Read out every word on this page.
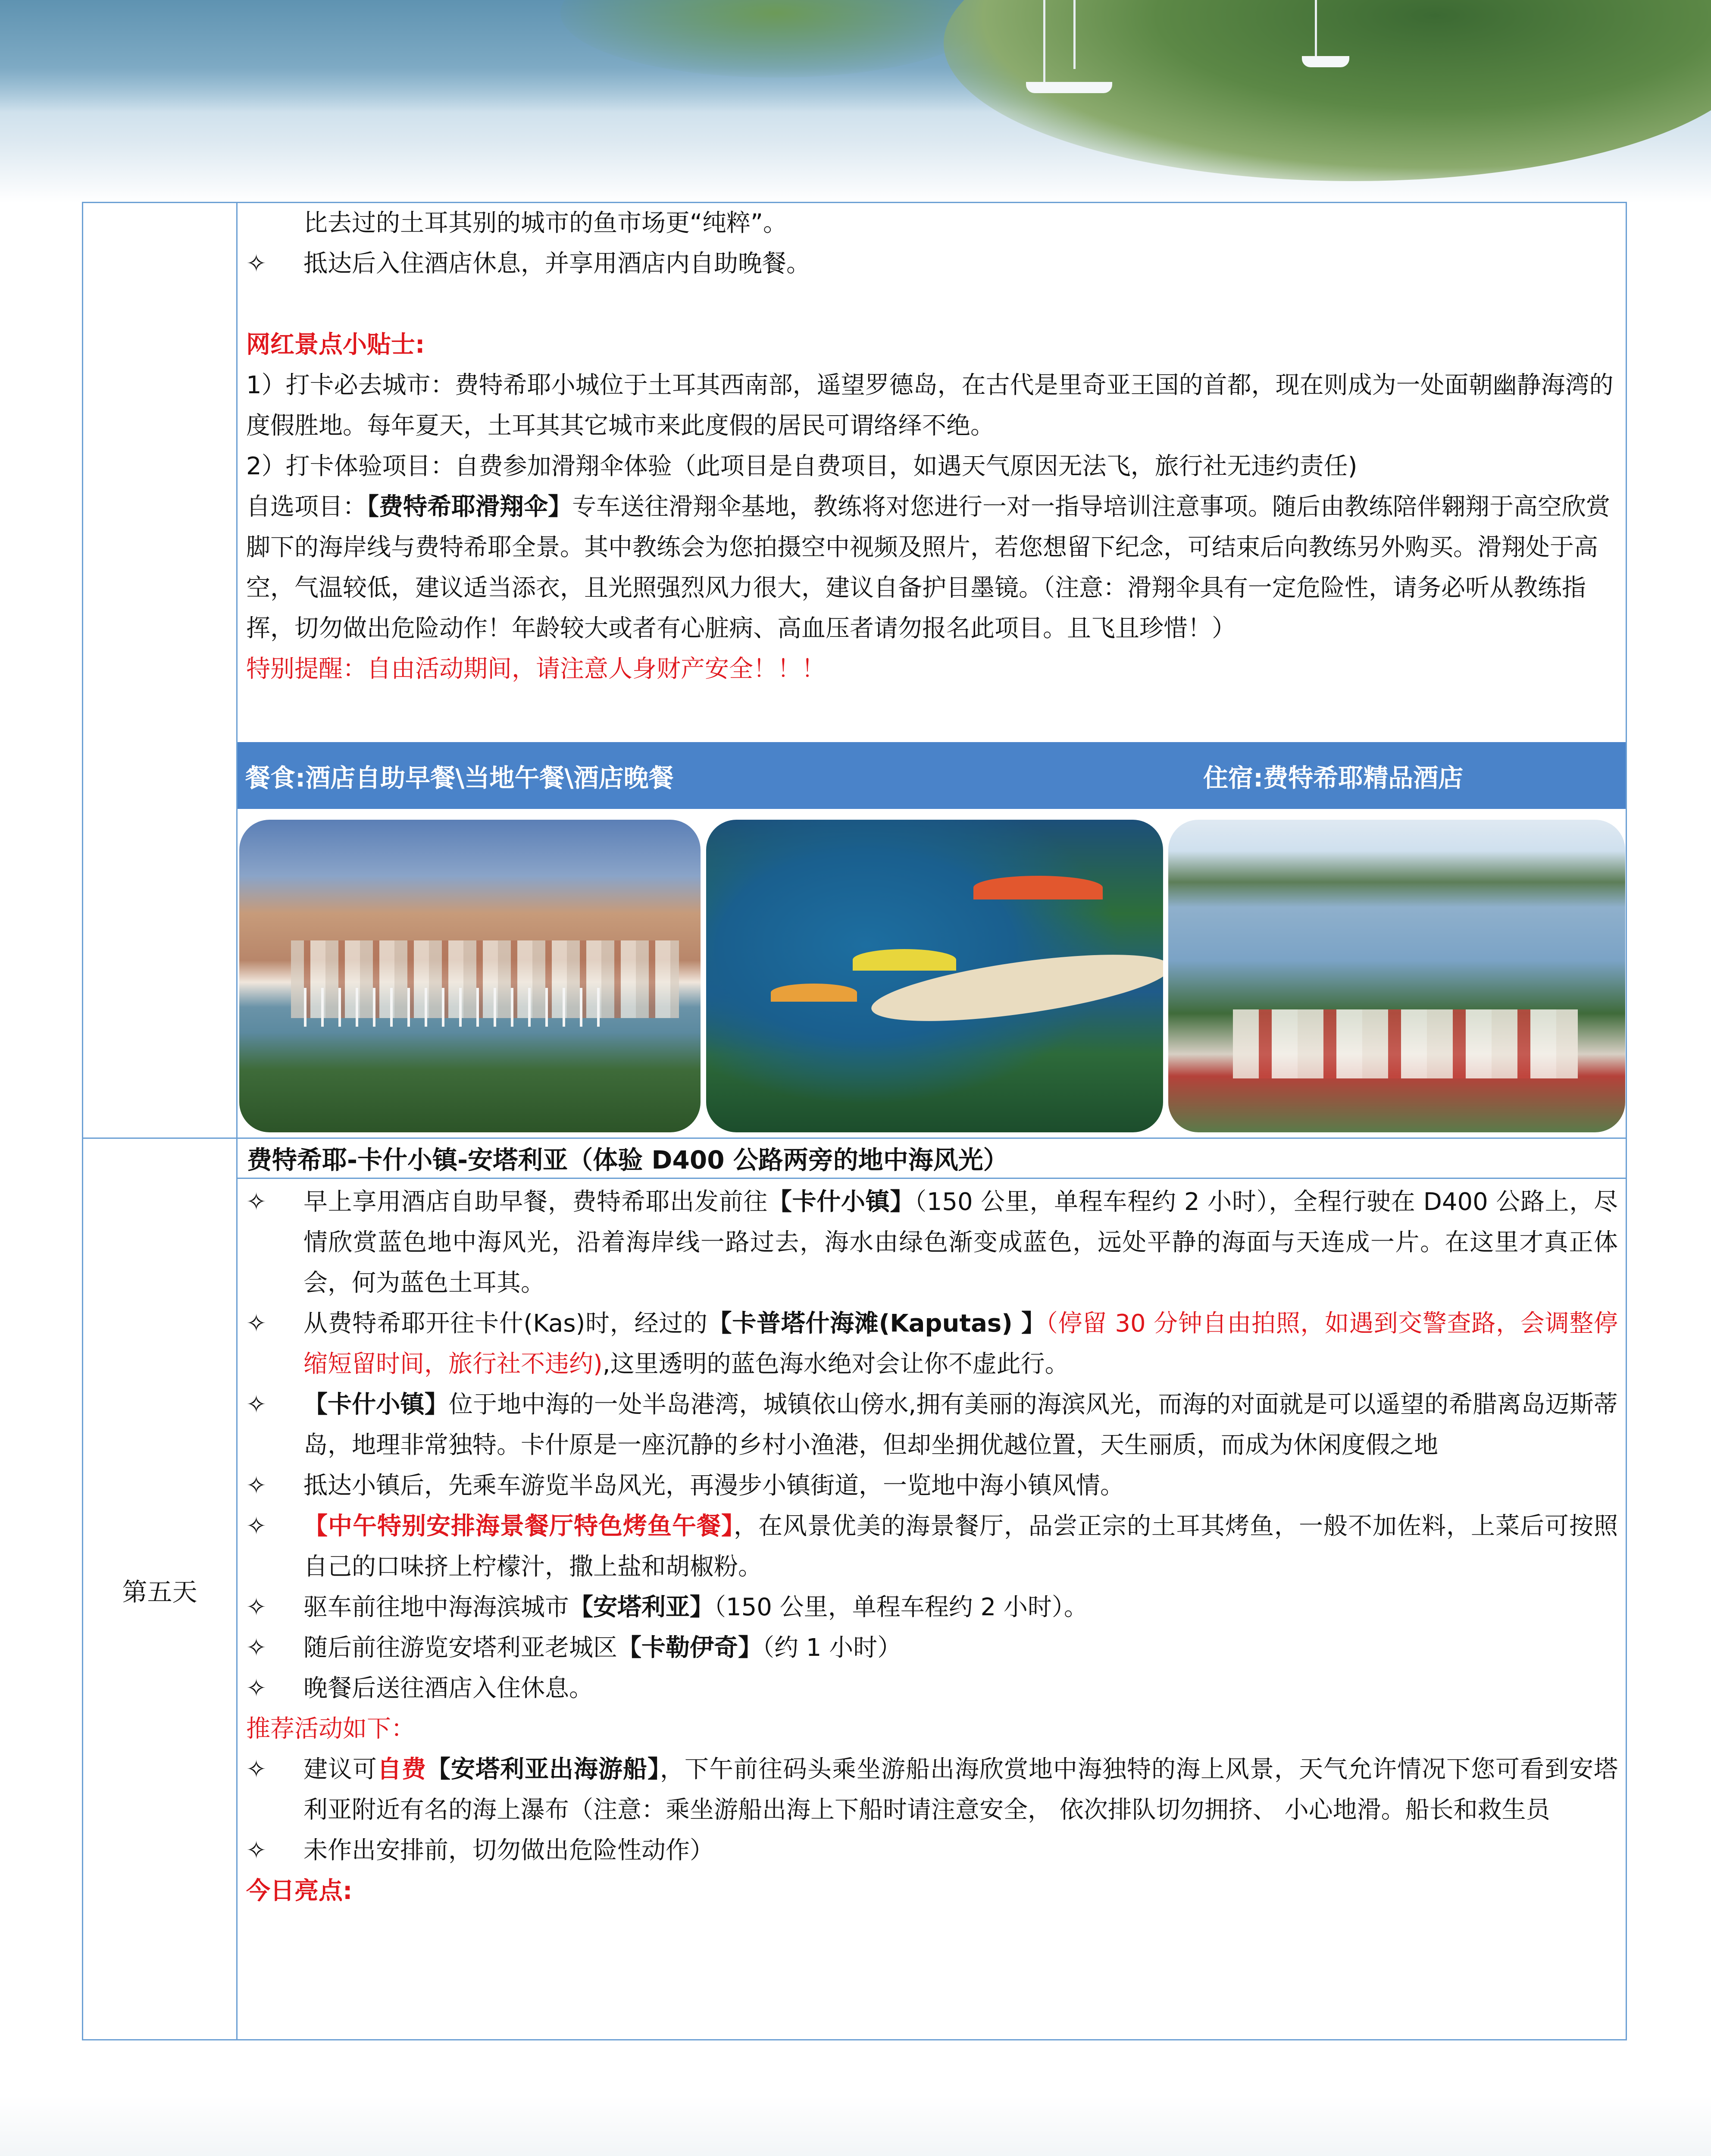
比去过的土耳其别的城市的鱼市场更“纯粹”。
✧	抵达后入住酒店休息，并享用酒店内自助晚餐。
网红景点小贴士:
1）打卡必去城市：费特希耶小城位于土耳其西南部，遥望罗德岛，在古代是里奇亚王国的首都，现在则成为一处面朝幽静海湾的度假胜地。每年夏天，土耳其其它城市来此度假的居民可谓络绎不绝。
2）打卡体验项目：自费参加滑翔伞体验（此项目是自费项目，如遇天气原因无法飞，旅行社无违约责任)
自选项目：【费特希耶滑翔伞】专车送往滑翔伞基地，教练将对您进行一对一指导培训注意事项。随后由教练陪伴翱翔于高空欣赏脚下的海岸线与费特希耶全景。其中教练会为您拍摄空中视频及照片，若您想留下纪念，可结束后向教练另外购买。滑翔处于高空，气温较低，建议适当添衣，且光照强烈风力很大，建议自备护目墨镜。（注意：滑翔伞具有一定危险性，请务必听从教练指挥，切勿做出危险动作！年龄较大或者有心脏病、高血压者请勿报名此项目。且飞且珍惜！）
特别提醒：自由活动期间，请注意人身财产安全！！！
餐食:酒店自助早餐\当地午餐\酒店晚餐	住宿:费特希耶精品酒店
第五天
费特希耶-卡什小镇-安塔利亚（体验 D400 公路两旁的地中海风光）
✧	早上享用酒店自助早餐，费特希耶出发前往【卡什小镇】（150 公里，单程车程约 2 小时），全程行驶在 D400 公路上，尽情欣赏蓝色地中海风光，沿着海岸线一路过去，海水由绿色渐变成蓝色，远处平静的海面与天连成一片。在这里才真正体会，何为蓝色土耳其。
✧	从费特希耶开往卡什(Kas)时，经过的【卡普塔什海滩(Kaputas) 】（停留 30 分钟自由拍照，如遇到交警查路，会调整停缩短留时间，旅行社不违约),这里透明的蓝色海水绝对会让你不虚此行。
✧	【卡什小镇】位于地中海的一处半岛港湾，城镇依山傍水,拥有美丽的海滨风光，而海的对面就是可以遥望的希腊离岛迈斯蒂岛，地理非常独特。卡什原是一座沉静的乡村小渔港，但却坐拥优越位置，天生丽质，而成为休闲度假之地
✧	抵达小镇后，先乘车游览半岛风光，再漫步小镇街道，一览地中海小镇风情。
✧	【中午特别安排海景餐厅特色烤鱼午餐】，在风景优美的海景餐厅，品尝正宗的土耳其烤鱼，一般不加佐料，上菜后可按照自己的口味挤上柠檬汁，撒上盐和胡椒粉。
✧	驱车前往地中海海滨城市【安塔利亚】（150 公里，单程车程约 2 小时）。
✧	随后前往游览安塔利亚老城区【卡勒伊奇】（约 1 小时）
✧	晚餐后送往酒店入住休息。
推荐活动如下：
✧	建议可自费【安塔利亚出海游船】，下午前往码头乘坐游船出海欣赏地中海独特的海上风景，天气允许情况下您可看到安塔利亚附近有名的海上瀑布（注意：乘坐游船出海上下船时请注意安全， 依次排队切勿拥挤、 小心地滑。船长和救生员
✧	未作出安排前，切勿做出危险性动作）
今日亮点:
